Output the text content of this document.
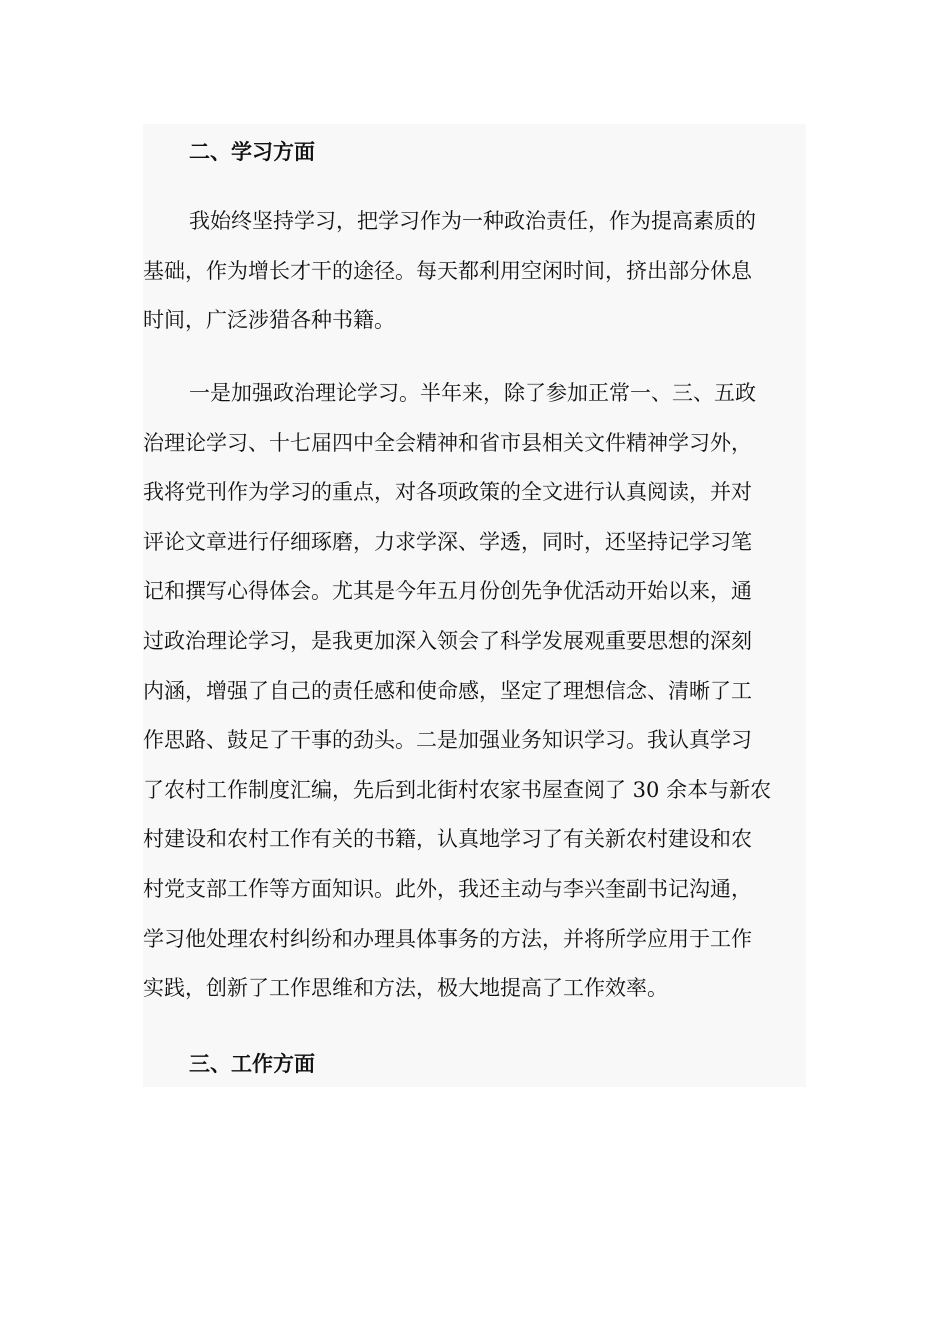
二、学习方面
我始终坚持学习，把学习作为一种政治责任，作为提高素质的
基础，作为增长才干的途径。每天都利用空闲时间，挤出部分休息
时间，广泛涉猎各种书籍。
一是加强政治理论学习。半年来，除了参加正常一、三、五政
治理论学习、十七届四中全会精神和省市县相关文件精神学习外，
我将党刊作为学习的重点，对各项政策的全文进行认真阅读，并对
评论文章进行仔细琢磨，力求学深、学透，同时，还坚持记学习笔
记和撰写心得体会。尤其是今年五月份创先争优活动开始以来，通
过政治理论学习，是我更加深入领会了科学发展观重要思想的深刻
内涵，增强了自己的责任感和使命感，坚定了理想信念、清晰了工
作思路、鼓足了干事的劲头。二是加强业务知识学习。我认真学习
了农村工作制度汇编，先后到北街村农家书屋查阅了 30 余本与新农
村建设和农村工作有关的书籍，认真地学习了有关新农村建设和农
村党支部工作等方面知识。此外，我还主动与李兴奎副书记沟通，
学习他处理农村纠纷和办理具体事务的方法，并将所学应用于工作
实践，创新了工作思维和方法，极大地提高了工作效率。
三、工作方面
